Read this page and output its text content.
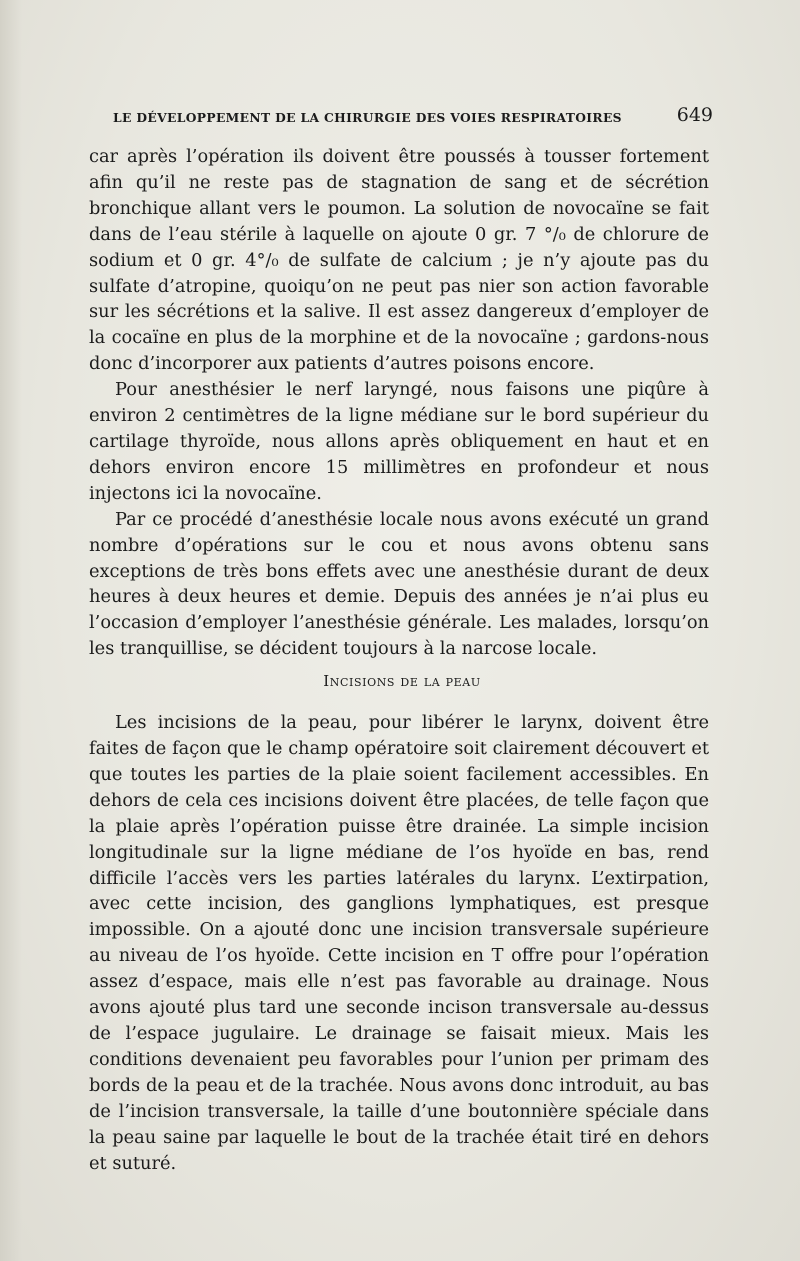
LE DÉVELOPPEMENT DE LA CHIRURGIE DES VOIES RESPIRATOIRES	649

car après l’opération ils doivent être poussés à tousser fortement afin qu’il ne reste pas de stagnation de sang et de sécrétion bronchique allant vers le poumon. La solution de novocaïne se fait dans de l’eau stérile à laquelle on ajoute 0 gr. 7 °/₀ de chlorure de sodium et 0 gr. 4°/₀ de sulfate de calcium ; je n’y ajoute pas du sulfate d’atropine, quoiqu’on ne peut pas nier son action favorable sur les sécrétions et la salive. Il est assez dangereux d’employer de la cocaïne en plus de la morphine et de la novocaïne ; gardons-nous donc d’incorporer aux patients d’autres poisons encore.

Pour anesthésier le nerf laryngé, nous faisons une piqûre à environ 2 centimètres de la ligne médiane sur le bord supérieur du cartilage thyroïde, nous allons après obliquement en haut et en dehors environ encore 15 millimètres en profondeur et nous injectons ici la novocaïne.

Par ce procédé d’anesthésie locale nous avons exécuté un grand nombre d’opérations sur le cou et nous avons obtenu sans exceptions de très bons effets avec une anesthésie durant de deux heures à deux heures et demie. Depuis des années je n’ai plus eu l’occasion d’employer l’anesthésie générale. Les malades, lorsqu’on les tranquillise, se décident toujours à la narcose locale.

Incisions de la peau

Les incisions de la peau, pour libérer le larynx, doivent être faites de façon que le champ opératoire soit clairement découvert et que toutes les parties de la plaie soient facilement accessibles. En dehors de cela ces incisions doivent être placées, de telle façon que la plaie après l’opération puisse être drainée. La simple incision longitudinale sur la ligne médiane de l’os hyoïde en bas, rend difficile l’accès vers les parties latérales du larynx. L’extirpation, avec cette incision, des ganglions lymphatiques, est presque impossible. On a ajouté donc une incision transversale supérieure au niveau de l’os hyoïde. Cette incision en T offre pour l’opération assez d’espace, mais elle n’est pas favorable au drainage. Nous avons ajouté plus tard une seconde incison transversale au-dessus de l’espace jugulaire. Le drainage se faisait mieux. Mais les conditions devenaient peu favorables pour l’union per primam des bords de la peau et de la trachée. Nous avons donc introduit, au bas de l’incision transversale, la taille d’une boutonnière spéciale dans la peau saine par laquelle le bout de la trachée était tiré en dehors et suturé.
